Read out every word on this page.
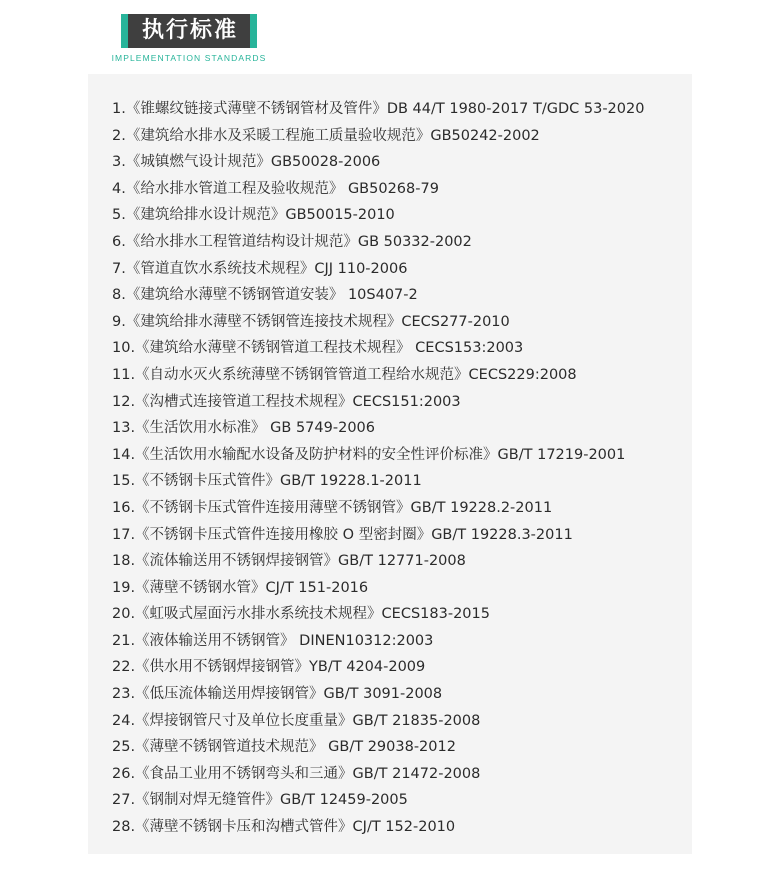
执行标准
IMPLEMENTATION STANDARDS
1.《锥螺纹链接式薄壁不锈钢管材及管件》DB 44/T 1980-2017 T/GDC 53-2020
2.《建筑给水排水及采暖工程施工质量验收规范》GB50242-2002
3.《城镇燃气设计规范》GB50028-2006
4.《给水排水管道工程及验收规范》 GB50268-79
5.《建筑给排水设计规范》GB50015-2010
6.《给水排水工程管道结构设计规范》GB 50332-2002
7.《管道直饮水系统技术规程》CJJ 110-2006
8.《建筑给水薄壁不锈钢管道安装》 10S407-2
9.《建筑给排水薄壁不锈钢管连接技术规程》CECS277-2010
10.《建筑给水薄壁不锈钢管道工程技术规程》 CECS153:2003
11.《自动水灭火系统薄壁不锈钢管管道工程给水规范》CECS229:2008
12.《沟槽式连接管道工程技术规程》CECS151:2003
13.《生活饮用水标准》 GB 5749-2006
14.《生活饮用水输配水设备及防护材料的安全性评价标准》GB/T 17219-2001
15.《不锈钢卡压式管件》GB/T 19228.1-2011
16.《不锈钢卡压式管件连接用薄壁不锈钢管》GB/T 19228.2-2011
17.《不锈钢卡压式管件连接用橡胶 O 型密封圈》GB/T 19228.3-2011
18.《流体输送用不锈钢焊接钢管》GB/T 12771-2008
19.《薄壁不锈钢水管》CJ/T 151-2016
20.《虹吸式屋面污水排水系统技术规程》CECS183-2015
21.《液体输送用不锈钢管》 DINEN10312:2003
22.《供水用不锈钢焊接钢管》YB/T 4204-2009
23.《低压流体输送用焊接钢管》GB/T 3091-2008
24.《焊接钢管尺寸及单位长度重量》GB/T 21835-2008
25.《薄壁不锈钢管道技术规范》 GB/T 29038-2012
26.《食品工业用不锈钢弯头和三通》GB/T 21472-2008
27.《钢制对焊无缝管件》GB/T 12459-2005
28.《薄壁不锈钢卡压和沟槽式管件》CJ/T 152-2010
